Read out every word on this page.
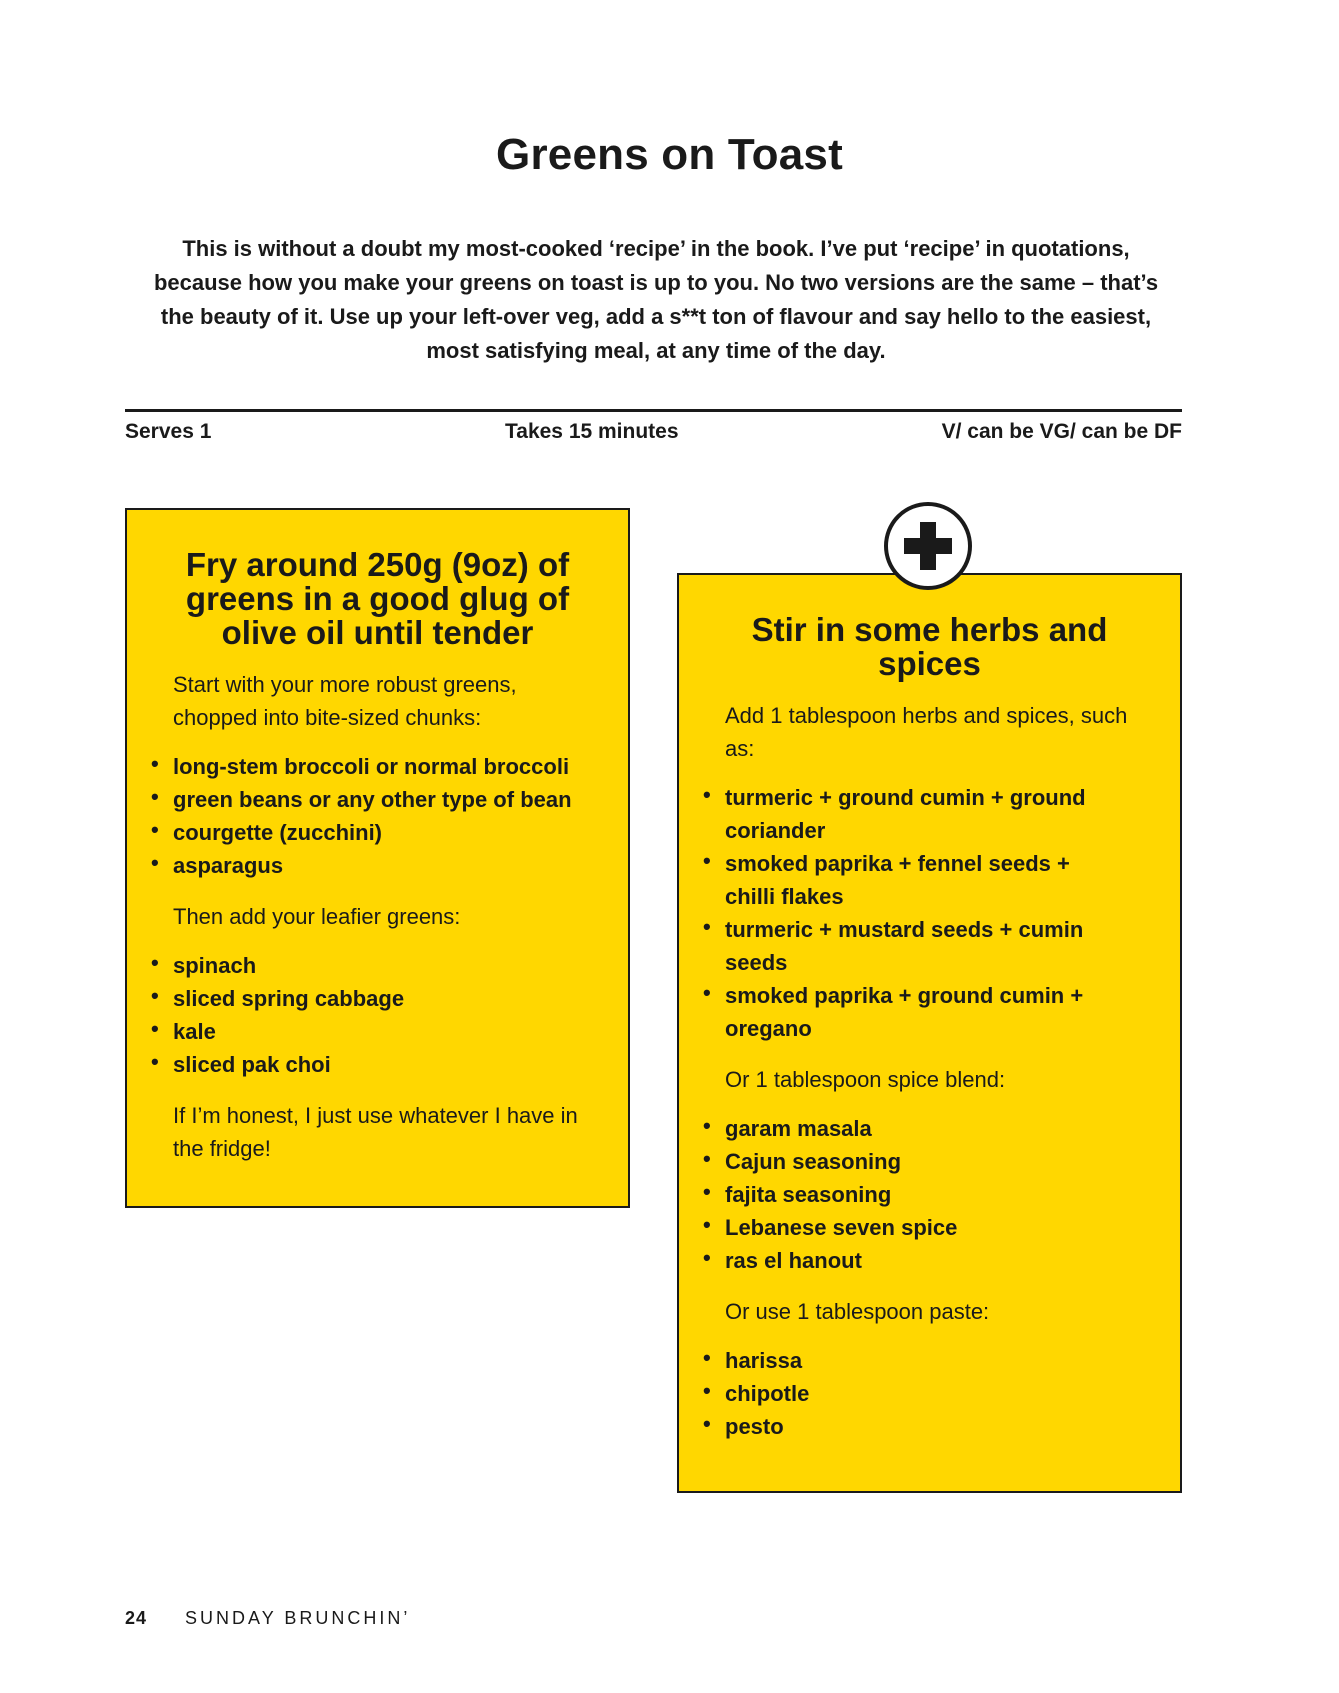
Greens on Toast

This is without a doubt my most-cooked ‘recipe’ in the book. I’ve put ‘recipe’ in quotations, because how you make your greens on toast is up to you. No two versions are the same – that’s the beauty of it. Use up your left-over veg, add a s**t ton of flavour and say hello to the easiest, most satisfying meal, at any time of the day.

Serves 1	Takes 15 minutes	V/ can be VG/ can be DF

Fry around 250g (9oz) of greens in a good glug of olive oil until tender

Start with your more robust greens, chopped into bite-sized chunks:

• long-stem broccoli or normal broccoli
• green beans or any other type of bean
• courgette (zucchini)
• asparagus

Then add your leafier greens:

• spinach
• sliced spring cabbage
• kale
• sliced pak choi

If I’m honest, I just use whatever I have in the fridge!

Stir in some herbs and spices

Add 1 tablespoon herbs and spices, such as:

• turmeric + ground cumin + ground coriander
• smoked paprika + fennel seeds + chilli flakes
• turmeric + mustard seeds + cumin seeds
• smoked paprika + ground cumin + oregano

Or 1 tablespoon spice blend:

• garam masala
• Cajun seasoning
• fajita seasoning
• Lebanese seven spice
• ras el hanout

Or use 1 tablespoon paste:

• harissa
• chipotle
• pesto

24 SUNDAY BRUNCHIN’
